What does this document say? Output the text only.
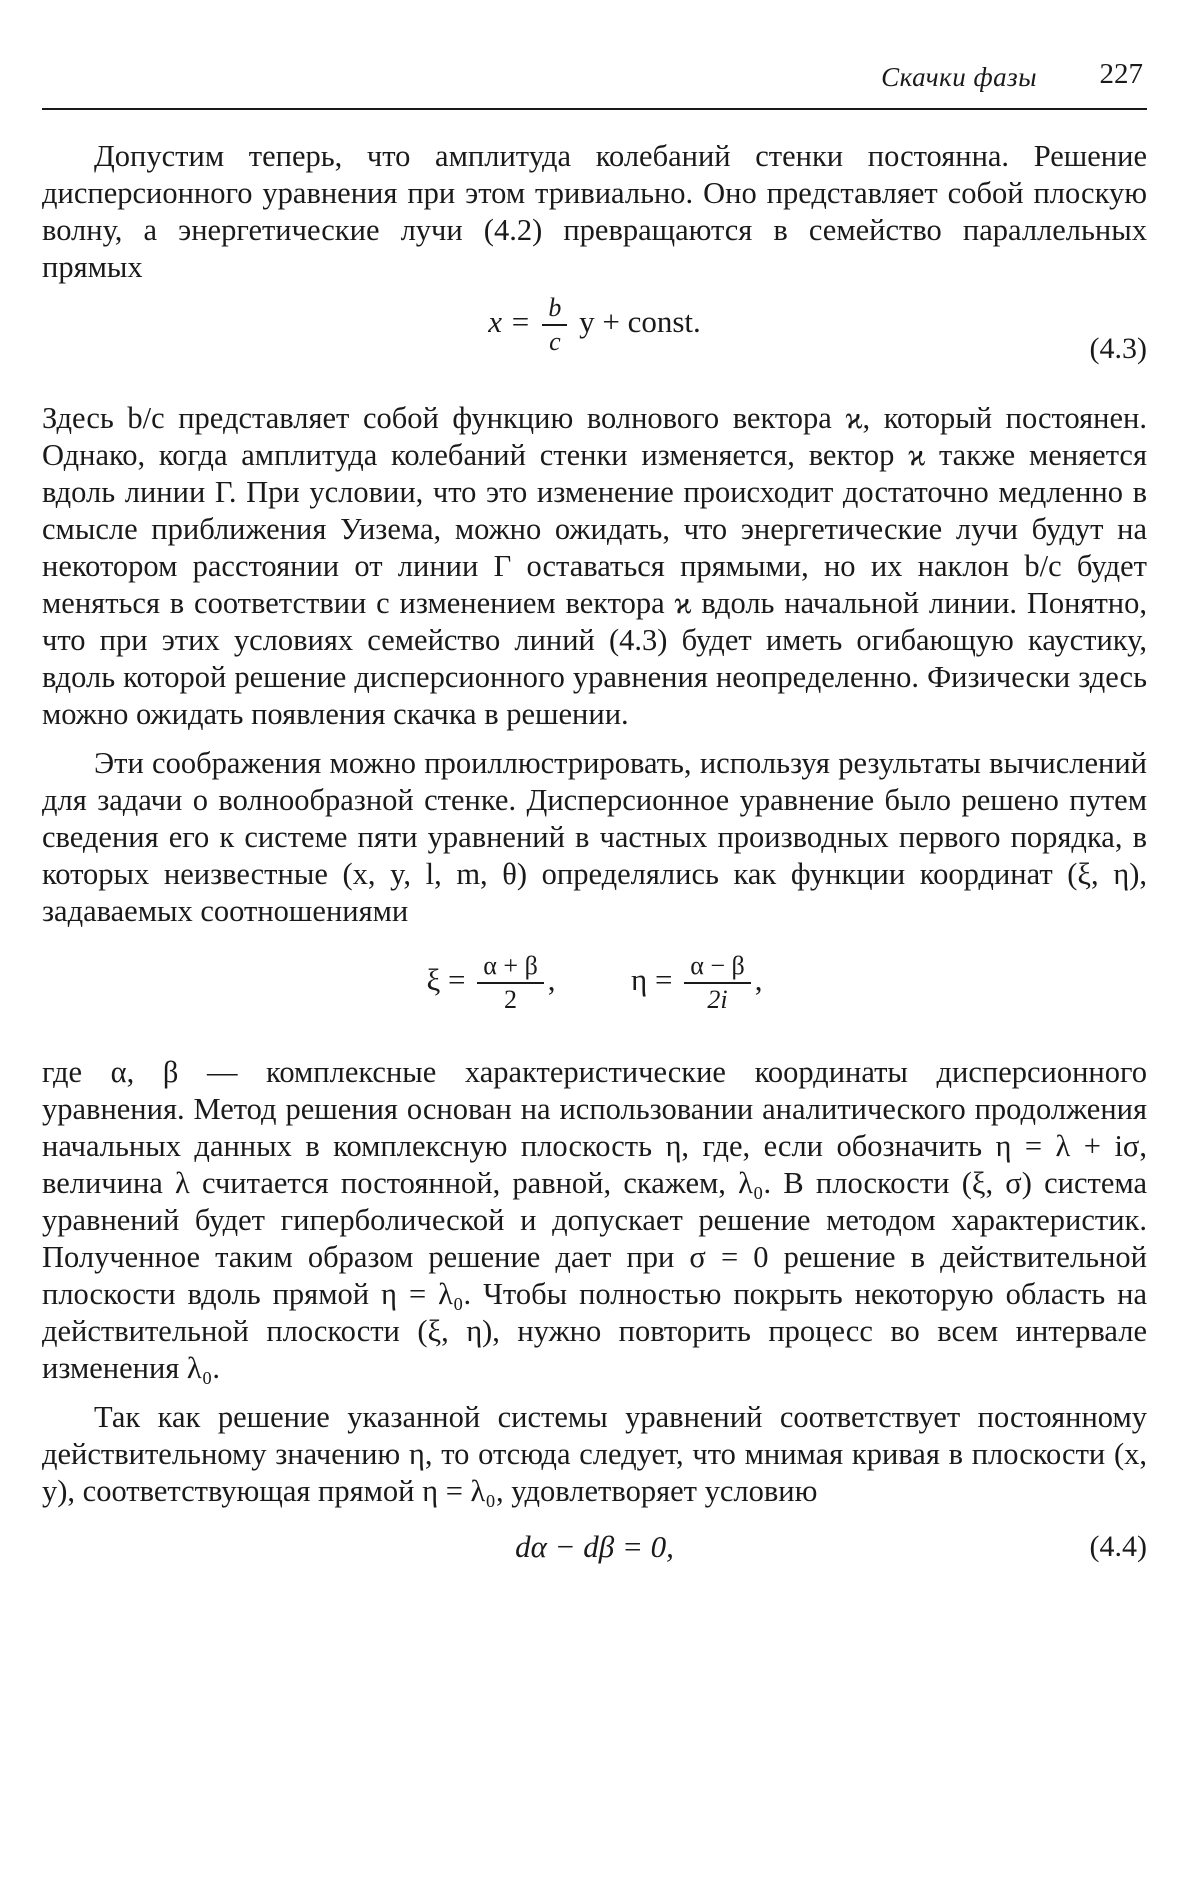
Скачки фазы 227

Допустим теперь, что амплитуда колебаний стенки постоянна. Решение дисперсионного уравнения при этом тривиально. Оно представляет собой плоскую волну, а энергетические лучи (4.2) превращаются в семейство параллельных прямых

$x = \frac{b}{c}$ y + const.
(4.3)

Здесь b/c представляет собой функцию волнового вектора ϰ, который постоянен. Однако, когда амплитуда колебаний стенки изменяется, вектор ϰ также меняется вдоль линии Γ. При условии, что это изменение происходит достаточно медленно в смысле приближения Уизема, можно ожидать, что энергетические лучи будут на некотором расстоянии от линии Γ оставаться прямыми, но их наклон b/c будет меняться в соответствии с изменением вектора ϰ вдоль начальной линии. Понятно, что при этих условиях семейство линий (4.3) будет иметь огибающую каустику, вдоль которой решение дисперсионного уравнения неопределенно. Физически здесь можно ожидать появления скачка в решении.

Эти соображения можно проиллюстрировать, используя результаты вычислений для задачи о волнообразной стенке. Дисперсионное уравнение было решено путем сведения его к системе пяти уравнений в частных производных первого порядка, в которых неизвестные (x, y, l, m, θ) определялись как функции координат (ξ, η), задаваемых соотношениями

$\xi = \frac{\alpha + \beta}{2}$ , $\eta = \frac{\alpha - \beta}{2i}$ ,

где α, β — комплексные характеристические координаты дисперсионного уравнения. Метод решения основан на использовании аналитического продолжения начальных данных в комплексную плоскость η, где, если обозначить η = λ + iσ, величина λ считается постоянной, равной, скажем, λ₀. В плоскости (ξ, σ) система уравнений будет гиперболической и допускает решение методом характеристик. Полученное таким образом решение дает при σ = 0 решение в действительной плоскости вдоль прямой η = λ₀. Чтобы полностью покрыть некоторую область на действительной плоскости (ξ, η), нужно повторить процесс во всем интервале изменения λ₀.

Так как решение указанной системы уравнений соответствует постоянному действительному значению η, то отсюда следует, что мнимая кривая в плоскости (x, y), соответствующая прямой η = λ₀, удовлетворяет условию

dα − dβ = 0,	(4.4)
